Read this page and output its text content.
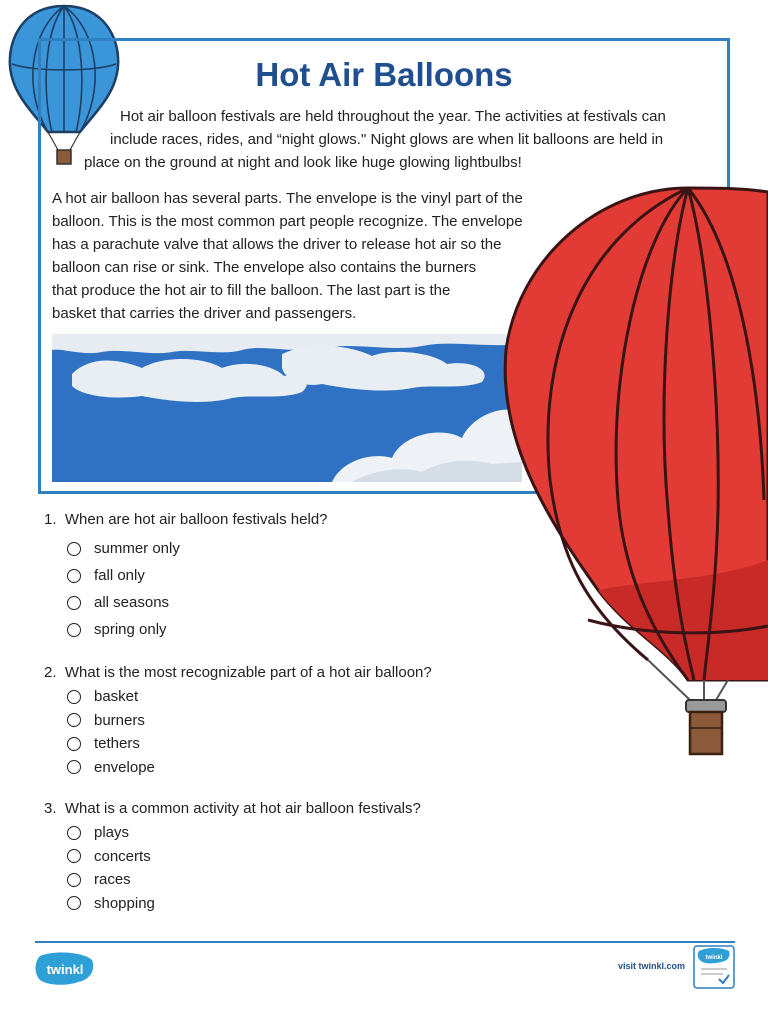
Hot Air Balloons
Hot air balloon festivals are held throughout the year. The activities at festivals can
include races, rides, and “night glows." Night glows are when lit balloons are held in
place on the ground at night and look like huge glowing lightbulbs!
A hot air balloon has several parts. The envelope is the vinyl part of the
balloon. This is the most common part people recognize. The envelope
has a parachute valve that allows the driver to release hot air so the
balloon can rise or sink. The envelope also contains the burners
that produce the hot air to fill the balloon. The last part is the
basket that carries the driver and passengers.
1. When are hot air balloon festivals held?
summer only
fall only
all seasons
spring only
2. What is the most recognizable part of a hot air balloon?
basket
burners
tethers
envelope
3. What is a common activity at hot air balloon festivals?
plays
concerts
races
shopping
twinkl	visit twinkl.com
twinkl
